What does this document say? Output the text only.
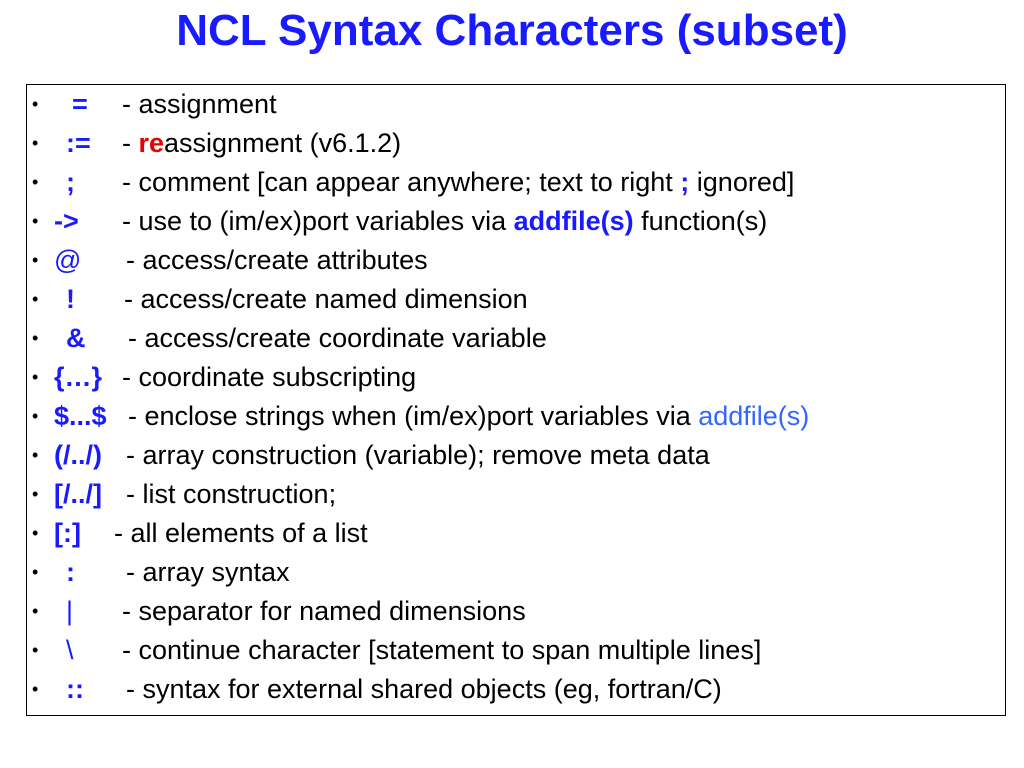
NCL Syntax Characters (subset)
• = - assignment
• := - reassignment (v6.1.2)
• ; - comment [can appear anywhere; text to right ; ignored]
• -> - use to (im/ex)port variables via addfile(s) function(s)
• @ - access/create attributes
• ! - access/create named dimension
• & - access/create coordinate variable
• {…} - coordinate subscripting
• $...$ - enclose strings when (im/ex)port variables via addfile(s)
• (/../) - array construction (variable); remove meta data
• [/../] - list construction;
• [:] - all elements of a list
• : - array syntax
• | - separator for named dimensions
• \ - continue character [statement to span multiple lines]
• :: - syntax for external shared objects (eg, fortran/C)
